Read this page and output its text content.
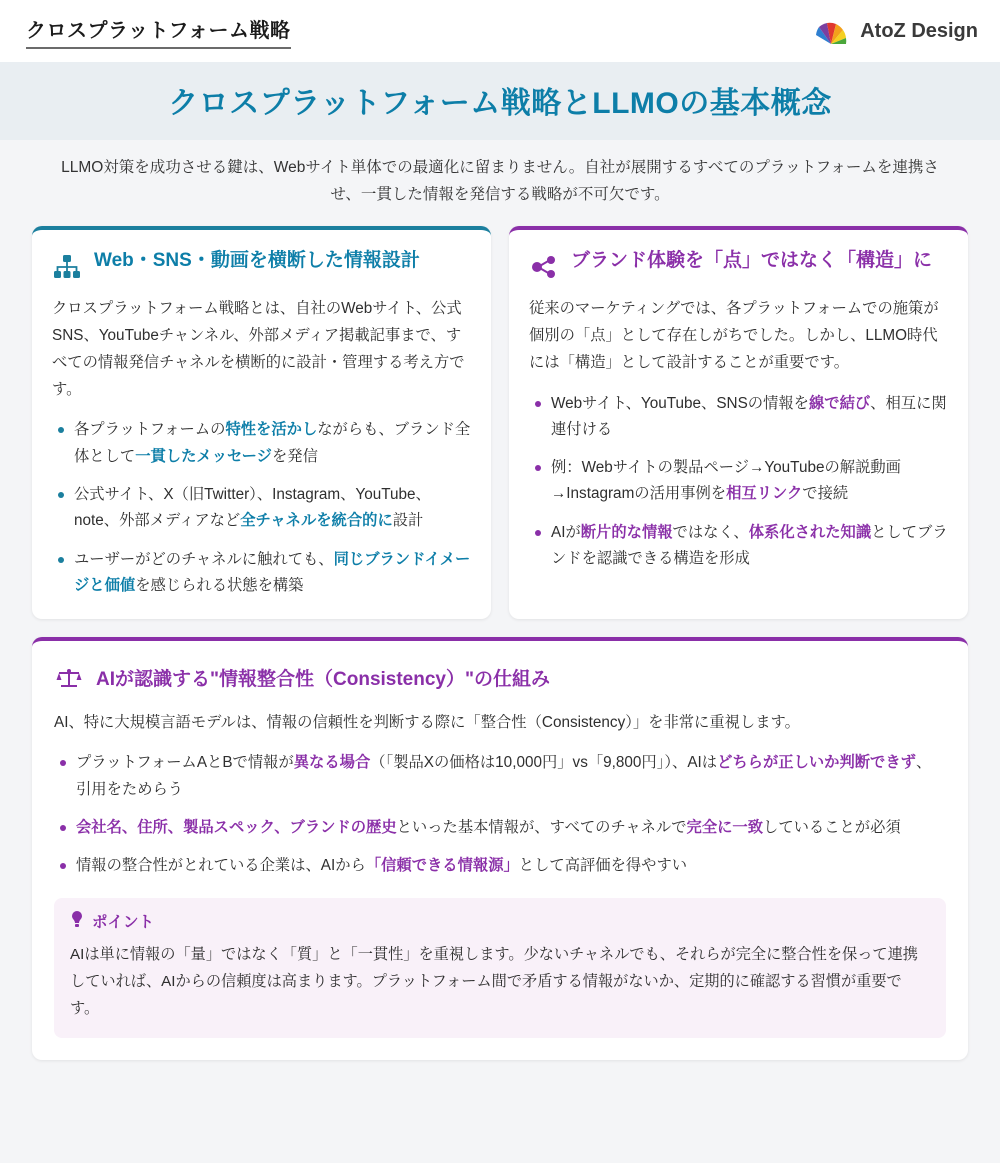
クロスプラットフォーム戦略	AtoZ Design
クロスプラットフォーム戦略とLLMOの基本概念

LLMO対策を成功させる鍵は、Webサイト単体での最適化に留まりません。自社が展開するすべてのプラットフォームを連携させ、一貫した情報を発信する戦略が不可欠です。

Web・SNS・動画を横断した情報設計

クロスプラットフォーム戦略とは、自社のWebサイト、公式SNS、YouTubeチャンネル、外部メディア掲載記事まで、すべての情報発信チャネルを横断的に設計・管理する考え方です。

各プラットフォームの特性を活かしながらも、ブランド全体として一貫したメッセージを発信
公式サイト、X（旧Twitter）、Instagram、YouTube、note、外部メディアなど全チャネルを統合的に設計
ユーザーがどのチャネルに触れても、同じブランドイメージと価値を感じられる状態を構築
ブランド体験を「点」ではなく「構造」に

従来のマーケティングでは、各プラットフォームでの施策が個別の「点」として存在しがちでした。しかし、LLMO時代には「構造」として設計することが重要です。

Webサイト、YouTube、SNSの情報を線で結び、相互に関連付ける
例：Webサイトの製品ページ→YouTubeの解説動画→Instagramの活用事例を相互リンクで接続
AIが断片的な情報ではなく、体系化された知識としてブランドを認識できる構造を形成
AIが認識する"情報整合性（Consistency）"の仕組み

AI、特に大規模言語モデルは、情報の信頼性を判断する際に「整合性（Consistency）」を非常に重視します。

プラットフォームAとBで情報が異なる場合（「製品Xの価格は10,000円」vs「9,800円」）、AIはどちらが正しいか判断できず、引用をためらう
会社名、住所、製品スペック、ブランドの歴史といった基本情報が、すべてのチャネルで完全に一致していることが必須
情報の整合性がとれている企業は、AIから「信頼できる情報源」として高評価を得やすい
ポイント

AIは単に情報の「量」ではなく「質」と「一貫性」を重視します。少ないチャネルでも、それらが完全に整合性を保って連携していれば、AIからの信頼度は高まります。プラットフォーム間で矛盾する情報がないか、定期的に確認する習慣が重要です。
